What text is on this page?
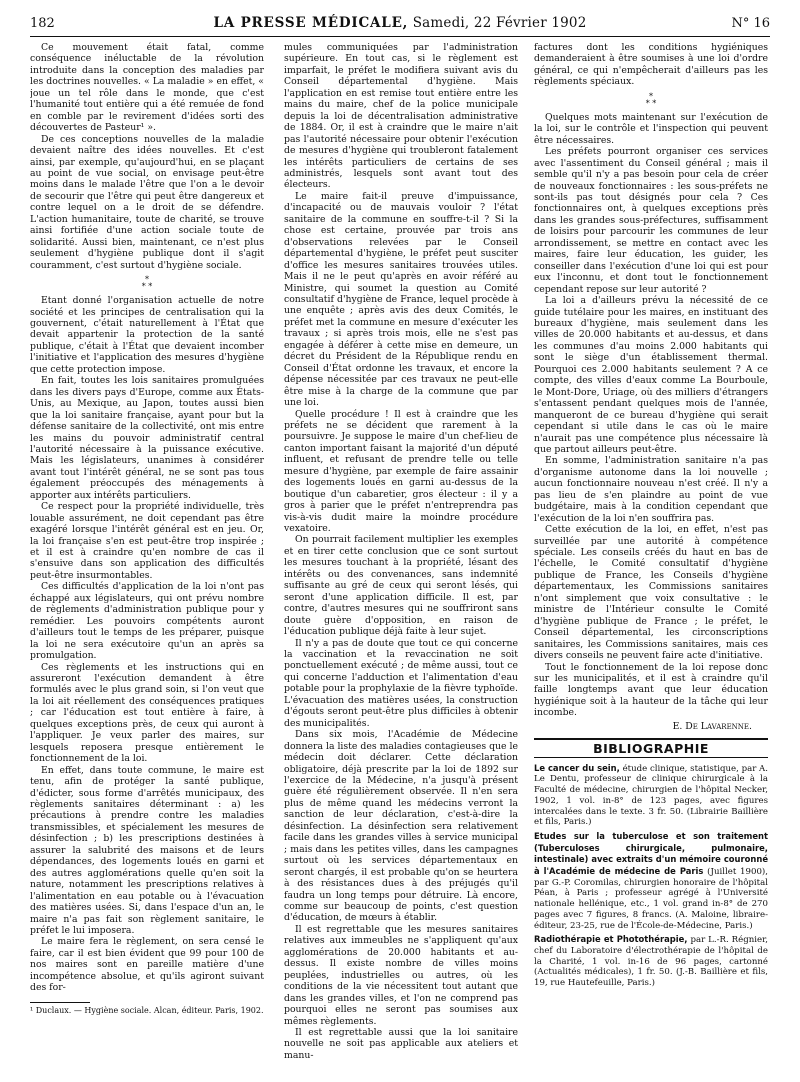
182	LA PRESSE MÉDICALE, Samedi, 22 Février 1902	N° 16

Ce mouvement était fatal, comme conséquence inéluctable de la révolution introduite dans la conception des maladies par les doctrines nouvelles. « La maladie » en effet, « joue un tel rôle dans le monde, que c'est l'humanité tout entière qui a été remuée de fond en comble par le revirement d'idées sorti des découvertes de Pasteur¹ ».

De ces conceptions nouvelles de la maladie devaient naître des idées nouvelles. Et c'est ainsi, par exemple, qu'aujourd'hui, en se plaçant au point de vue social, on envisage peut-être moins dans le malade l'être que l'on a le devoir de secourir que l'être qui peut être dangereux et contre lequel on a le droit de se défendre. L'action humanitaire, toute de charité, se trouve ainsi fortifiée d'une action sociale toute de solidarité. Aussi bien, maintenant, ce n'est plus seulement d'hygiène publique dont il s'agit couramment, c'est surtout d'hygiène sociale.

*
* *

Etant donné l'organisation actuelle de notre société et les principes de centralisation qui la gouvernent, c'était naturellement à l'État que devait appartenir la protection de la santé publique, c'était à l'État que devaient incomber l'initiative et l'application des mesures d'hygiène que cette protection impose.

En fait, toutes les lois sanitaires promulguées dans les divers pays d'Europe, comme aux États-Unis, au Mexique, au Japon, toutes aussi bien que la loi sanitaire française, ayant pour but la défense sanitaire de la collectivité, ont mis entre les mains du pouvoir administratif central l'autorité nécessaire à la puissance exécutive. Mais les législateurs, unanimes à considérer avant tout l'intérêt général, ne se sont pas tous également préoccupés des ménagements à apporter aux intérêts particuliers.

Ce respect pour la propriété individuelle, très louable assurément, ne doit cependant pas être exagéré lorsque l'intérêt général est en jeu. Or, la loi française s'en est peut-être trop inspirée ; et il est à craindre qu'en nombre de cas il s'ensuive dans son application des difficultés peut-être insurmontables.

Ces difficultés d'application de la loi n'ont pas échappé aux législateurs, qui ont prévu nombre de règlements d'administration publique pour y remédier. Les pouvoirs compétents auront d'ailleurs tout le temps de les préparer, puisque la loi ne sera exécutoire qu'un an après sa promulgation.

Ces règlements et les instructions qui en assureront l'exécution demandent à être formulés avec le plus grand soin, si l'on veut que la loi ait réellement des conséquences pratiques ; car l'éducation est tout entière à faire, à quelques exceptions près, de ceux qui auront à l'appliquer. Je veux parler des maires, sur lesquels reposera presque entièrement le fonctionnement de la loi.

En effet, dans toute commune, le maire est tenu, afin de protéger la santé publique, d'édicter, sous forme d'arrêtés municipaux, des règlements sanitaires déterminant : a) les précautions à prendre contre les maladies transmissibles, et spécialement les mesures de désinfection ; b) les prescriptions destinées à assurer la salubrité des maisons et de leurs dépendances, des logements loués en garni et des autres agglomérations quelle qu'en soit la nature, notamment les prescriptions relatives à l'alimentation en eau potable ou à l'évacuation des matières usées. Si, dans l'espace d'un an, le maire n'a pas fait son règlement sanitaire, le préfet le lui imposera.

Le maire fera le règlement, on sera censé le faire, car il est bien évident que 99 pour 100 de nos maires sont en pareille matière d'une incompétence absolue, et qu'ils agiront suivant des for-

¹ Duclaux. — Hygiène sociale. Alcan, éditeur. Paris, 1902.

mules communiquées par l'administration supérieure. En tout cas, si le règlement est imparfait, le préfet le modifiera suivant avis du Conseil départemental d'hygiène. Mais l'application en est remise tout entière entre les mains du maire, chef de la police municipale depuis la loi de décentralisation administrative de 1884. Or, il est à craindre que le maire n'ait pas l'autorité nécessaire pour obtenir l'exécution de mesures d'hygiène qui troubleront fatalement les intérêts particuliers de certains de ses administrés, lesquels sont avant tout des électeurs.

Le maire fait-il preuve d'impuissance, d'incapacité ou de mauvais vouloir ? l'état sanitaire de la commune en souffre-t-il ? Si la chose est certaine, prouvée par trois ans d'observations relevées par le Conseil départemental d'hygiène, le préfet peut susciter d'office les mesures sanitaires trouvées utiles. Mais il ne le peut qu'après en avoir référé au Ministre, qui soumet la question au Comité consultatif d'hygiène de France, lequel procède à une enquête ; après avis des deux Comités, le préfet met la commune en mesure d'exécuter les travaux ; si après trois mois, elle ne s'est pas engagée à déférer à cette mise en demeure, un décret du Président de la République rendu en Conseil d'État ordonne les travaux, et encore la dépense nécessitée par ces travaux ne peut-elle être mise à la charge de la commune que par une loi.

Quelle procédure ! Il est à craindre que les préfets ne se décident que rarement à la poursuivre. Je suppose le maire d'un chef-lieu de canton important faisant la majorité d'un député influent, et refusant de prendre telle ou telle mesure d'hygiène, par exemple de faire assainir des logements loués en garni au-dessus de la boutique d'un cabaretier, gros électeur : il y a gros à parier que le préfet n'entreprendra pas vis-à-vis dudit maire la moindre procédure vexatoire.

On pourrait facilement multiplier les exemples et en tirer cette conclusion que ce sont surtout les mesures touchant à la propriété, lésant des intérêts ou des convenances, sans indemnité suffisante au gré de ceux qui seront lésés, qui seront d'une application difficile. Il est, par contre, d'autres mesures qui ne souffriront sans doute guère d'opposition, en raison de l'éducation publique déjà faite à leur sujet.

Il n'y a pas de doute que tout ce qui concerne la vaccination et la revaccination ne soit ponctuellement exécuté ; de même aussi, tout ce qui concerne l'adduction et l'alimentation d'eau potable pour la prophylaxie de la fièvre typhoïde. L'évacuation des matières usées, la construction d'égouts seront peut-être plus difficiles à obtenir des municipalités.

Dans six mois, l'Académie de Médecine donnera la liste des maladies contagieuses que le médecin doit déclarer. Cette déclaration obligatoire, déjà prescrite par la loi de 1892 sur l'exercice de la Médecine, n'a jusqu'à présent guère été régulièrement observée. Il n'en sera plus de même quand les médecins verront la sanction de leur déclaration, c'est-à-dire la désinfection. La désinfection sera relativement facile dans les grandes villes à service municipal ; mais dans les petites villes, dans les campagnes surtout où les services départementaux en seront chargés, il est probable qu'on se heurtera à des résistances dues à des préjugés qu'il faudra un long temps pour détruire. Là encore, comme sur beaucoup de points, c'est question d'éducation, de mœurs à établir.

Il est regrettable que les mesures sanitaires relatives aux immeubles ne s'appliquent qu'aux agglomérations de 20.000 habitants et au-dessus. Il existe nombre de villes moins peuplées, industrielles ou autres, où les conditions de la vie nécessitent tout autant que dans les grandes villes, et l'on ne comprend pas pourquoi elles ne seront pas soumises aux mêmes règlements.

Il est regrettable aussi que la loi sanitaire nouvelle ne soit pas applicable aux ateliers et manu-

factures dont les conditions hygiéniques demanderaient à être soumises à une loi d'ordre général, ce qui n'empêcherait d'ailleurs pas les règlements spéciaux.

*
* *

Quelques mots maintenant sur l'exécution de la loi, sur le contrôle et l'inspection qui peuvent être nécessaires.

Les préfets pourront organiser ces services avec l'assentiment du Conseil général ; mais il semble qu'il n'y a pas besoin pour cela de créer de nouveaux fonctionnaires : les sous-préfets ne sont-ils pas tout désignés pour cela ? Ces fonctionnaires ont, à quelques exceptions près dans les grandes sous-préfectures, suffisamment de loisirs pour parcourir les communes de leur arrondissement, se mettre en contact avec les maires, faire leur éducation, les guider, les conseiller dans l'exécution d'une loi qui est pour eux l'inconnu, et dont tout le fonctionnement cependant repose sur leur autorité ?

La loi a d'ailleurs prévu la nécessité de ce guide tutélaire pour les maires, en instituant des bureaux d'hygiène, mais seulement dans les villes de 20.000 habitants et au-dessus, et dans les communes d'au moins 2.000 habitants qui sont le siège d'un établissement thermal. Pourquoi ces 2.000 habitants seulement ? A ce compte, des villes d'eaux comme La Bourboule, le Mont-Dore, Uriage, où des milliers d'étrangers s'entassent pendant quelques mois de l'année, manqueront de ce bureau d'hygiène qui serait cependant si utile dans le cas où le maire n'aurait pas une compétence plus nécessaire là que partout ailleurs peut-être.

En somme, l'administration sanitaire n'a pas d'organisme autonome dans la loi nouvelle ; aucun fonctionnaire nouveau n'est créé. Il n'y a pas lieu de s'en plaindre au point de vue budgétaire, mais à la condition cependant que l'exécution de la loi n'en souffrira pas.

Cette exécution de la loi, en effet, n'est pas surveillée par une autorité à compétence spéciale. Les conseils créés du haut en bas de l'échelle, le Comité consultatif d'hygiène publique de France, les Conseils d'hygiène départementaux, les Commissions sanitaires n'ont simplement que voix consultative : le ministre de l'Intérieur consulte le Comité d'hygiène publique de France ; le préfet, le Conseil départemental, les circonscriptions sanitaires, les Commissions sanitaires, mais ces divers conseils ne peuvent faire acte d'initiative.

Tout le fonctionnement de la loi repose donc sur les municipalités, et il est à craindre qu'il faille longtemps avant que leur éducation hygiénique soit à la hauteur de la tâche qui leur incombe.

E. De Lavarenne.
BIBLIOGRAPHIE

Le cancer du sein, étude clinique, statistique, par A. Le Dentu, professeur de clinique chirurgicale à la Faculté de médecine, chirurgien de l'hôpital Necker, 1902, 1 vol. in-8° de 123 pages, avec figures intercalées dans le texte. 3 fr. 50. (Librairie Baillière et fils, Paris.)

Etudes sur la tuberculose et son traitement (Tuberculoses chirurgicale, pulmonaire, intestinale) avec extraits d'un mémoire couronné à l'Académie de médecine de Paris (Juillet 1900), par G.-P. Coromilas, chirurgien honoraire de l'hôpital Péan, à Paris ; professeur agrégé à l'Université nationale hellénique, etc., 1 vol. grand in-8° de 270 pages avec 7 figures, 8 francs. (A. Maloine, libraire-éditeur, 23-25, rue de l'École-de-Médecine, Paris.)

Radiothérapie et Photothérapie, par L.-R. Régnier, chef du Laboratoire d'électrothérapie de l'hôpital de la Charité, 1 vol. in-16 de 96 pages, cartonné (Actualités médicales), 1 fr. 50. (J.-B. Baillière et fils, 19, rue Hautefeuille, Paris.)
